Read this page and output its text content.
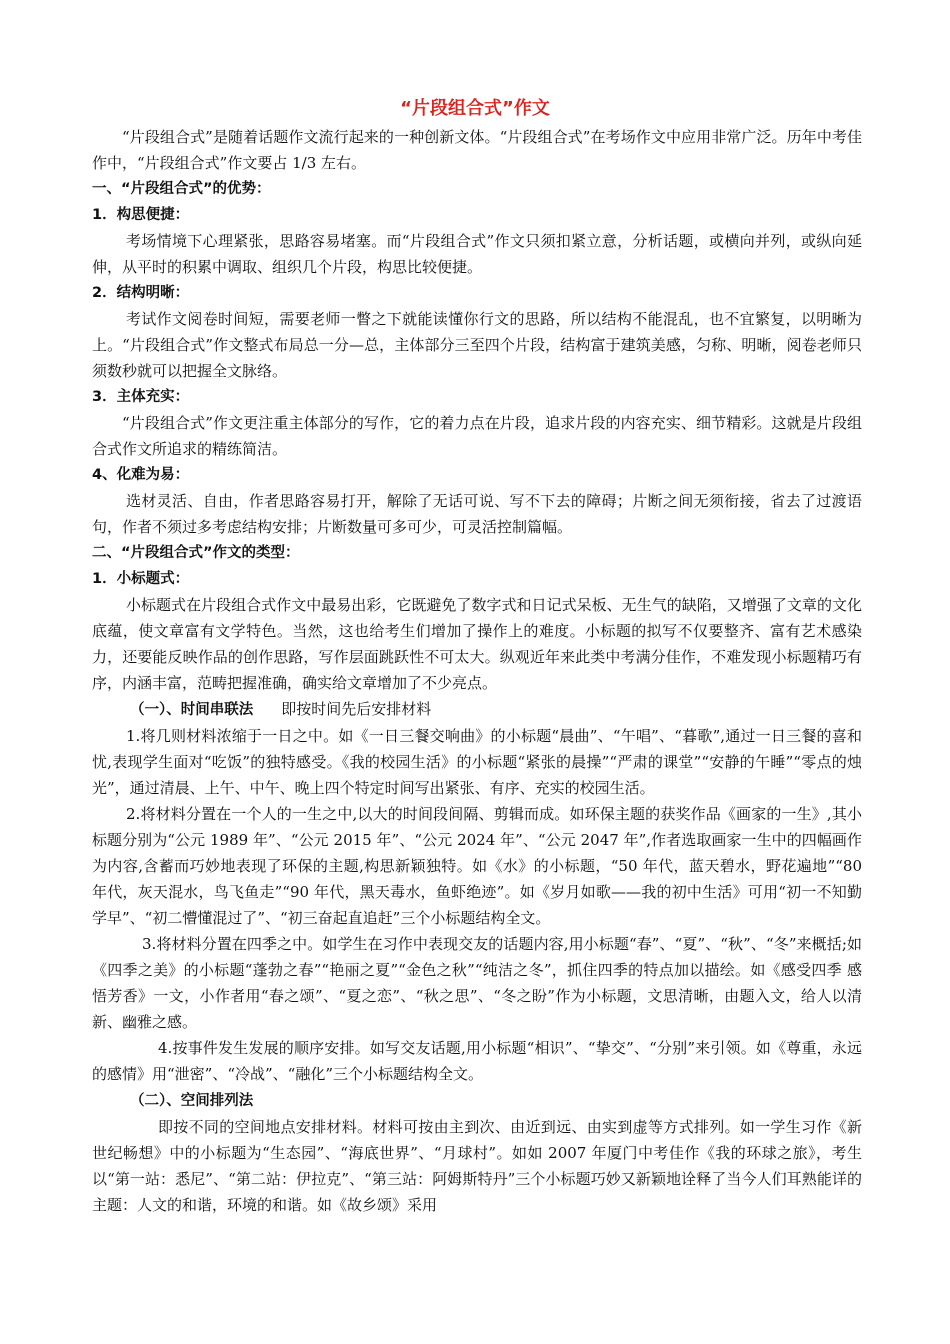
“片段组合式”作文
“片段组合式”是随着话题作文流行起来的一种创新文体。“片段组合式”在考场作文中应用非常广泛。历年中考佳作中，“片段组合式”作文要占 1/3 左右。
一、“片段组合式”的优势：
1．构思便捷：
考场情境下心理紧张，思路容易堵塞。而“片段组合式”作文只须扣紧立意，分析话题，或横向并列，或纵向延伸，从平时的积累中调取、组织几个片段，构思比较便捷。
2．结构明晰：
考试作文阅卷时间短，需要老师一瞥之下就能读懂你行文的思路，所以结构不能混乱，也不宜繁复，以明晰为上。“片段组合式”作文整式布局总一分—总，主体部分三至四个片段，结构富于建筑美感，匀称、明晰，阅卷老师只须数秒就可以把握全文脉络。
3．主体充实：
“片段组合式”作文更注重主体部分的写作，它的着力点在片段，追求片段的内容充实、细节精彩。这就是片段组合式作文所追求的精练简洁。
4、化难为易：
选材灵活、自由，作者思路容易打开，解除了无话可说、写不下去的障碍；片断之间无须衔接，省去了过渡语句，作者不须过多考虑结构安排；片断数量可多可少，可灵活控制篇幅。
二、“片段组合式”作文的类型：
1．小标题式：
小标题式在片段组合式作文中最易出彩，它既避免了数字式和日记式呆板、无生气的缺陷，又增强了文章的文化底蕴，使文章富有文学特色。当然，这也给考生们增加了操作上的难度。小标题的拟写不仅要整齐、富有艺术感染力，还要能反映作品的创作思路，写作层面跳跃性不可太大。纵观近年来此类中考满分佳作，不难发现小标题精巧有序，内涵丰富，范畴把握准确，确实给文章增加了不少亮点。
（一）、时间串联法 即按时间先后安排材料
1.将几则材料浓缩于一日之中。如《一日三餐交响曲》的小标题“晨曲”、“午唱”、“暮歌”,通过一日三餐的喜和忧,表现学生面对“吃饭”的独特感受。《我的校园生活》的小标题“紧张的晨操”“严肃的课堂”“安静的午睡”“零点的烛光”，通过清晨、上午、中午、晚上四个特定时间写出紧张、有序、充实的校园生活。
2.将材料分置在一个人的一生之中,以大的时间段间隔、剪辑而成。如环保主题的获奖作品《画家的一生》,其小标题分别为“公元 1989 年”、“公元 2015 年”、“公元 2024 年”、“公元 2047 年”,作者选取画家一生中的四幅画作为内容,含蓄而巧妙地表现了环保的主题,构思新颖独特。如《水》的小标题，“50 年代，蓝天碧水，野花遍地”“80 年代，灰天混水，鸟飞鱼走”“90 年代，黑天毒水，鱼虾绝迹”。如《岁月如歌——我的初中生活》可用“初一不知勤学早”、“初二懵懂混过了”、“初三奋起直追赶”三个小标题结构全文。
3.将材料分置在四季之中。如学生在习作中表现交友的话题内容,用小标题“春”、“夏”、“秋”、“冬”来概括;如《四季之美》的小标题“蓬勃之春”“艳丽之夏”“金色之秋”“纯洁之冬”，抓住四季的特点加以描绘。如《感受四季 感悟芳香》一文，小作者用“春之颂”、“夏之恋”、“秋之思”、“冬之盼”作为小标题，文思清晰，由题入文，给人以清新、幽雅之感。
4.按事件发生发展的顺序安排。如写交友话题,用小标题“相识”、“挚交”、“分别”来引领。如《尊重，永远的感情》用“泄密”、“冷战”、“融化”三个小标题结构全文。
（二）、空间排列法
即按不同的空间地点安排材料。材料可按由主到次、由近到远、由实到虚等方式排列。如一学生习作《新世纪畅想》中的小标题为“生态园”、“海底世界”、“月球村”。如如 2007 年厦门中考佳作《我的环球之旅》，考生以“第一站：悉尼”、“第二站：伊拉克”、“第三站：阿姆斯特丹”三个小标题巧妙又新颖地诠释了当今人们耳熟能详的主题：人文的和谐，环境的和谐。如《故乡颂》采用
